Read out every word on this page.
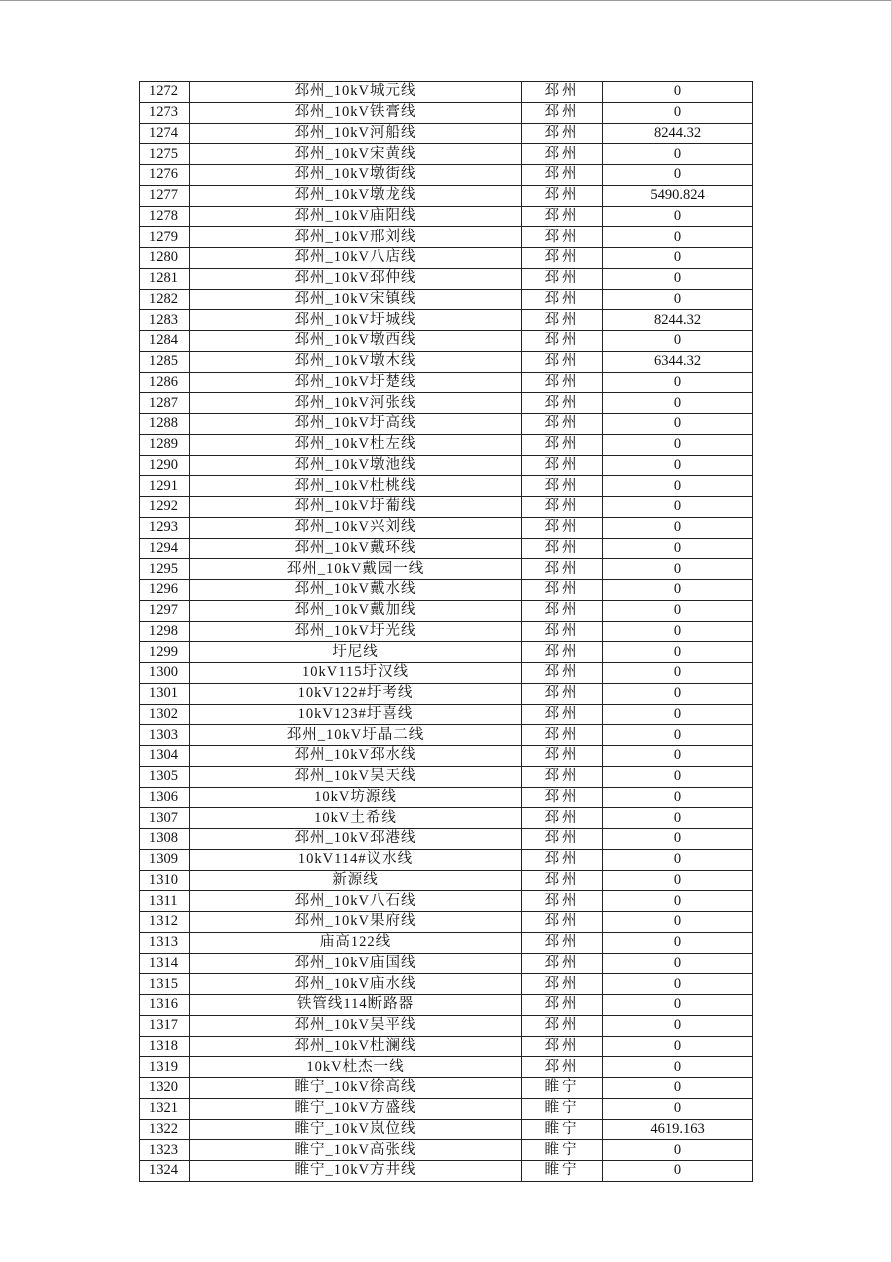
1272	邳州_10kV城元线	邳州	0
1273	邳州_10kV铁膏线	邳州	0
1274	邳州_10kV河船线	邳州	8244.32
1275	邳州_10kV宋黄线	邳州	0
1276	邳州_10kV墩街线	邳州	0
1277	邳州_10kV墩龙线	邳州	5490.824
1278	邳州_10kV庙阳线	邳州	0
1279	邳州_10kV邢刘线	邳州	0
1280	邳州_10kV八店线	邳州	0
1281	邳州_10kV邳仲线	邳州	0
1282	邳州_10kV宋镇线	邳州	0
1283	邳州_10kV圩城线	邳州	8244.32
1284	邳州_10kV墩西线	邳州	0
1285	邳州_10kV墩木线	邳州	6344.32
1286	邳州_10kV圩楚线	邳州	0
1287	邳州_10kV河张线	邳州	0
1288	邳州_10kV圩高线	邳州	0
1289	邳州_10kV杜左线	邳州	0
1290	邳州_10kV墩池线	邳州	0
1291	邳州_10kV杜桃线	邳州	0
1292	邳州_10kV圩葡线	邳州	0
1293	邳州_10kV兴刘线	邳州	0
1294	邳州_10kV戴环线	邳州	0
1295	邳州_10kV戴园一线	邳州	0
1296	邳州_10kV戴水线	邳州	0
1297	邳州_10kV戴加线	邳州	0
1298	邳州_10kV圩光线	邳州	0
1299	圩尼线	邳州	0
1300	10kV115圩汉线	邳州	0
1301	10kV122#圩考线	邳州	0
1302	10kV123#圩喜线	邳州	0
1303	邳州_10kV圩晶二线	邳州	0
1304	邳州_10kV邳水线	邳州	0
1305	邳州_10kV吴天线	邳州	0
1306	10kV坊源线	邳州	0
1307	10kV土希线	邳州	0
1308	邳州_10kV邳港线	邳州	0
1309	10kV114#议水线	邳州	0
1310	新源线	邳州	0
1311	邳州_10kV八石线	邳州	0
1312	邳州_10kV果府线	邳州	0
1313	庙高122线	邳州	0
1314	邳州_10kV庙国线	邳州	0
1315	邳州_10kV庙水线	邳州	0
1316	铁管线114断路器	邳州	0
1317	邳州_10kV吴平线	邳州	0
1318	邳州_10kV杜澜线	邳州	0
1319	10kV杜杰一线	邳州	0
1320	睢宁_10kV徐高线	睢宁	0
1321	睢宁_10kV方盛线	睢宁	0
1322	睢宁_10kV岚位线	睢宁	4619.163
1323	睢宁_10kV高张线	睢宁	0
1324	睢宁_10kV方井线	睢宁	0
